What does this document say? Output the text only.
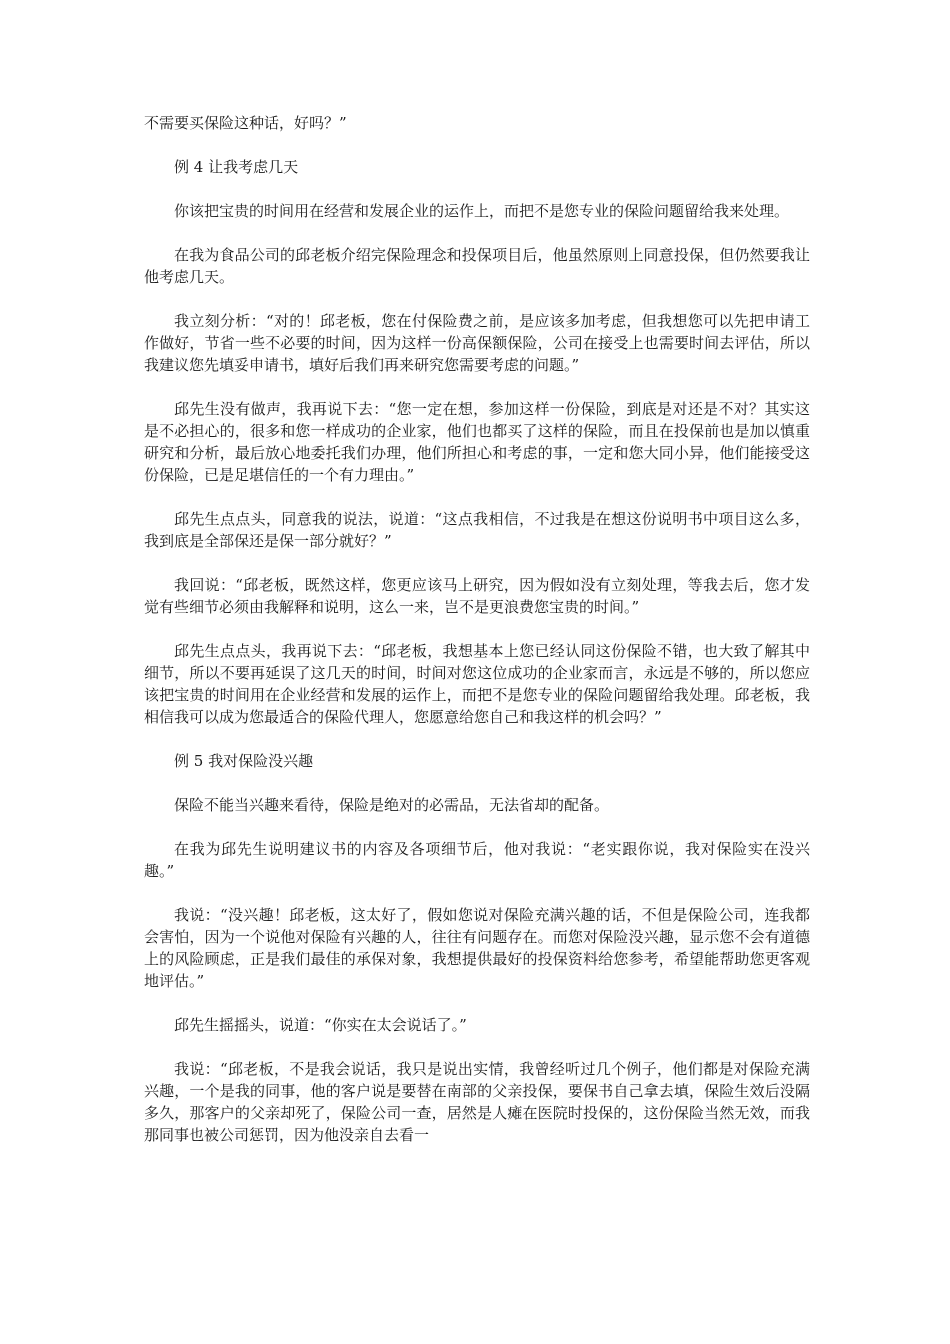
不需要买保险这种话，好吗？”

例 4 让我考虑几天

你该把宝贵的时间用在经营和发展企业的运作上，而把不是您专业的保险问题留给我来处理。

在我为食品公司的邱老板介绍完保险理念和投保项目后，他虽然原则上同意投保，但仍然要我让他考虑几天。

我立刻分析：“对的！邱老板，您在付保险费之前，是应该多加考虑，但我想您可以先把申请工作做好，节省一些不必要的时间，因为这样一份高保额保险，公司在接受上也需要时间去评估，所以我建议您先填妥申请书，填好后我们再来研究您需要考虑的问题。”

邱先生没有做声，我再说下去：“您一定在想，参加这样一份保险，到底是对还是不对？其实这是不必担心的，很多和您一样成功的企业家，他们也都买了这样的保险，而且在投保前也是加以慎重研究和分析，最后放心地委托我们办理，他们所担心和考虑的事，一定和您大同小异，他们能接受这份保险，已是足堪信任的一个有力理由。”

邱先生点点头，同意我的说法，说道：“这点我相信，不过我是在想这份说明书中项目这么多，我到底是全部保还是保一部分就好？”

我回说：“邱老板，既然这样，您更应该马上研究，因为假如没有立刻处理，等我去后，您才发觉有些细节必须由我解释和说明，这么一来，岂不是更浪费您宝贵的时间。”

邱先生点点头，我再说下去：“邱老板，我想基本上您已经认同这份保险不错，也大致了解其中细节，所以不要再延误了这几天的时间，时间对您这位成功的企业家而言，永远是不够的，所以您应该把宝贵的时间用在企业经营和发展的运作上，而把不是您专业的保险问题留给我处理。邱老板，我相信我可以成为您最适合的保险代理人，您愿意给您自己和我这样的机会吗？”

例 5 我对保险没兴趣

保险不能当兴趣来看待，保险是绝对的必需品，无法省却的配备。

在我为邱先生说明建议书的内容及各项细节后，他对我说：“老实跟你说，我对保险实在没兴趣。”

我说：“没兴趣！邱老板，这太好了，假如您说对保险充满兴趣的话，不但是保险公司，连我都会害怕，因为一个说他对保险有兴趣的人，往往有问题存在。而您对保险没兴趣，显示您不会有道德上的风险顾虑，正是我们最佳的承保对象，我想提供最好的投保资料给您参考，希望能帮助您更客观地评估。”

邱先生摇摇头，说道：“你实在太会说话了。”

我说：“邱老板，不是我会说话，我只是说出实情，我曾经听过几个例子，他们都是对保险充满兴趣，一个是我的同事，他的客户说是要替在南部的父亲投保，要保书自己拿去填，保险生效后没隔多久，那客户的父亲却死了，保险公司一查，居然是人瘫在医院时投保的，这份保险当然无效，而我那同事也被公司惩罚，因为他没亲自去看一
